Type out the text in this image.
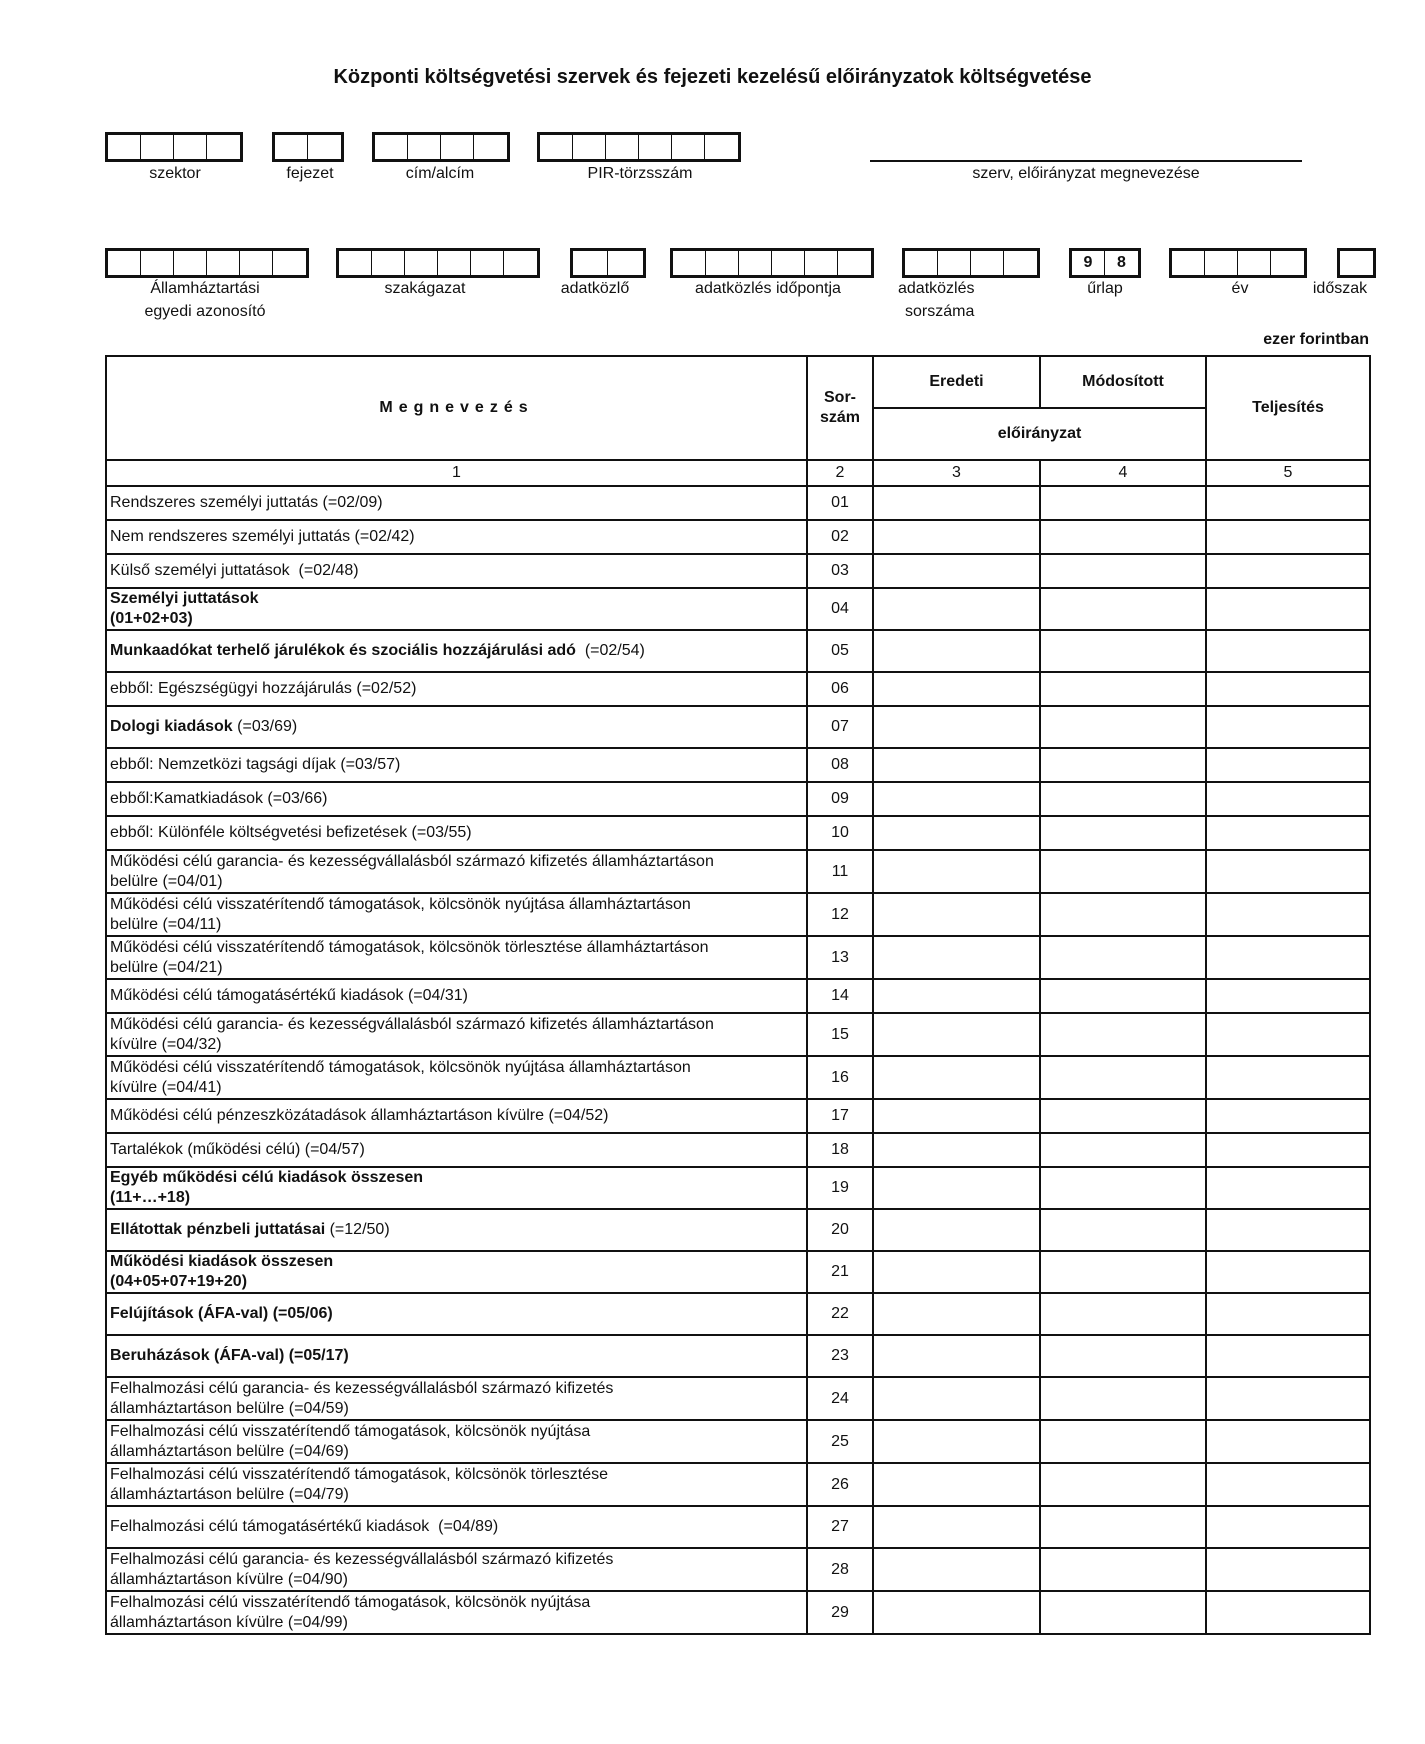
Központi költségvetési szervek és fejezeti kezelésű előirányzatok költségvetése
szektor	fejezet	cím/alcím	PIR-törzsszám	szerv, előirányzat megnevezése
Államháztartási
egyedi azonosító
szakágazat	adatközlő	adatközlés időpontja	adatközlés
sorszáma
9	8
űrlap	év	időszak
ezer forintban
Megnevezés	Sor-
szám	Eredeti	Módosított	Teljesítés
		előirányzat		
1	2	3	4	5

Rendszeres személyi juttatás (=02/09)	01			

Nem rendszeres személyi juttatás (=02/42)	02			

Külső személyi juttatások  (=02/48)	03			

Személyi juttatások
(01+02+03)	04			

Munkaadókat terhelő járulékok és szociális hozzájárulási adó  (=02/54)	05			

ebből: Egészségügyi hozzájárulás (=02/52)	06			

Dologi kiadások (=03/69)	07			

ebből: Nemzetközi tagsági díjak (=03/57)	08			

ebből:Kamatkiadások (=03/66)	09			

ebből: Különféle költségvetési befizetések (=03/55)	10			

Működési célú garancia- és kezességvállalásból származó kifizetés államháztartáson
belülre (=04/01)	11			

Működési célú visszatérítendő támogatások, kölcsönök nyújtása államháztartáson
belülre (=04/11)	12			

Működési célú visszatérítendő támogatások, kölcsönök törlesztése államháztartáson
belülre (=04/21)	13			

Működési célú támogatásértékű kiadások (=04/31)	14			

Működési célú garancia- és kezességvállalásból származó kifizetés államháztartáson
kívülre (=04/32)	15			

Működési célú visszatérítendő támogatások, kölcsönök nyújtása államháztartáson
kívülre (=04/41)	16			

Működési célú pénzeszközátadások államháztartáson kívülre (=04/52)	17			

Tartalékok (működési célú) (=04/57)	18			

Egyéb működési célú kiadások összesen
(11+…+18)	19			

Ellátottak pénzbeli juttatásai (=12/50)	20			

Működési kiadások összesen
(04+05+07+19+20)	21			

Felújítások (ÁFA-val) (=05/06)	22			

Beruházások (ÁFA-val) (=05/17)	23			

Felhalmozási célú garancia- és kezességvállalásból származó kifizetés
államháztartáson belülre (=04/59)	24			

Felhalmozási célú visszatérítendő támogatások, kölcsönök nyújtása
államháztartáson belülre (=04/69)	25			

Felhalmozási célú visszatérítendő támogatások, kölcsönök törlesztése
államháztartáson belülre (=04/79)	26			

Felhalmozási célú támogatásértékű kiadások  (=04/89)	27			

Felhalmozási célú garancia- és kezességvállalásból származó kifizetés
államháztartáson kívülre (=04/90)	28			

Felhalmozási célú visszatérítendő támogatások, kölcsönök nyújtása
államháztartáson kívülre (=04/99)	29			
